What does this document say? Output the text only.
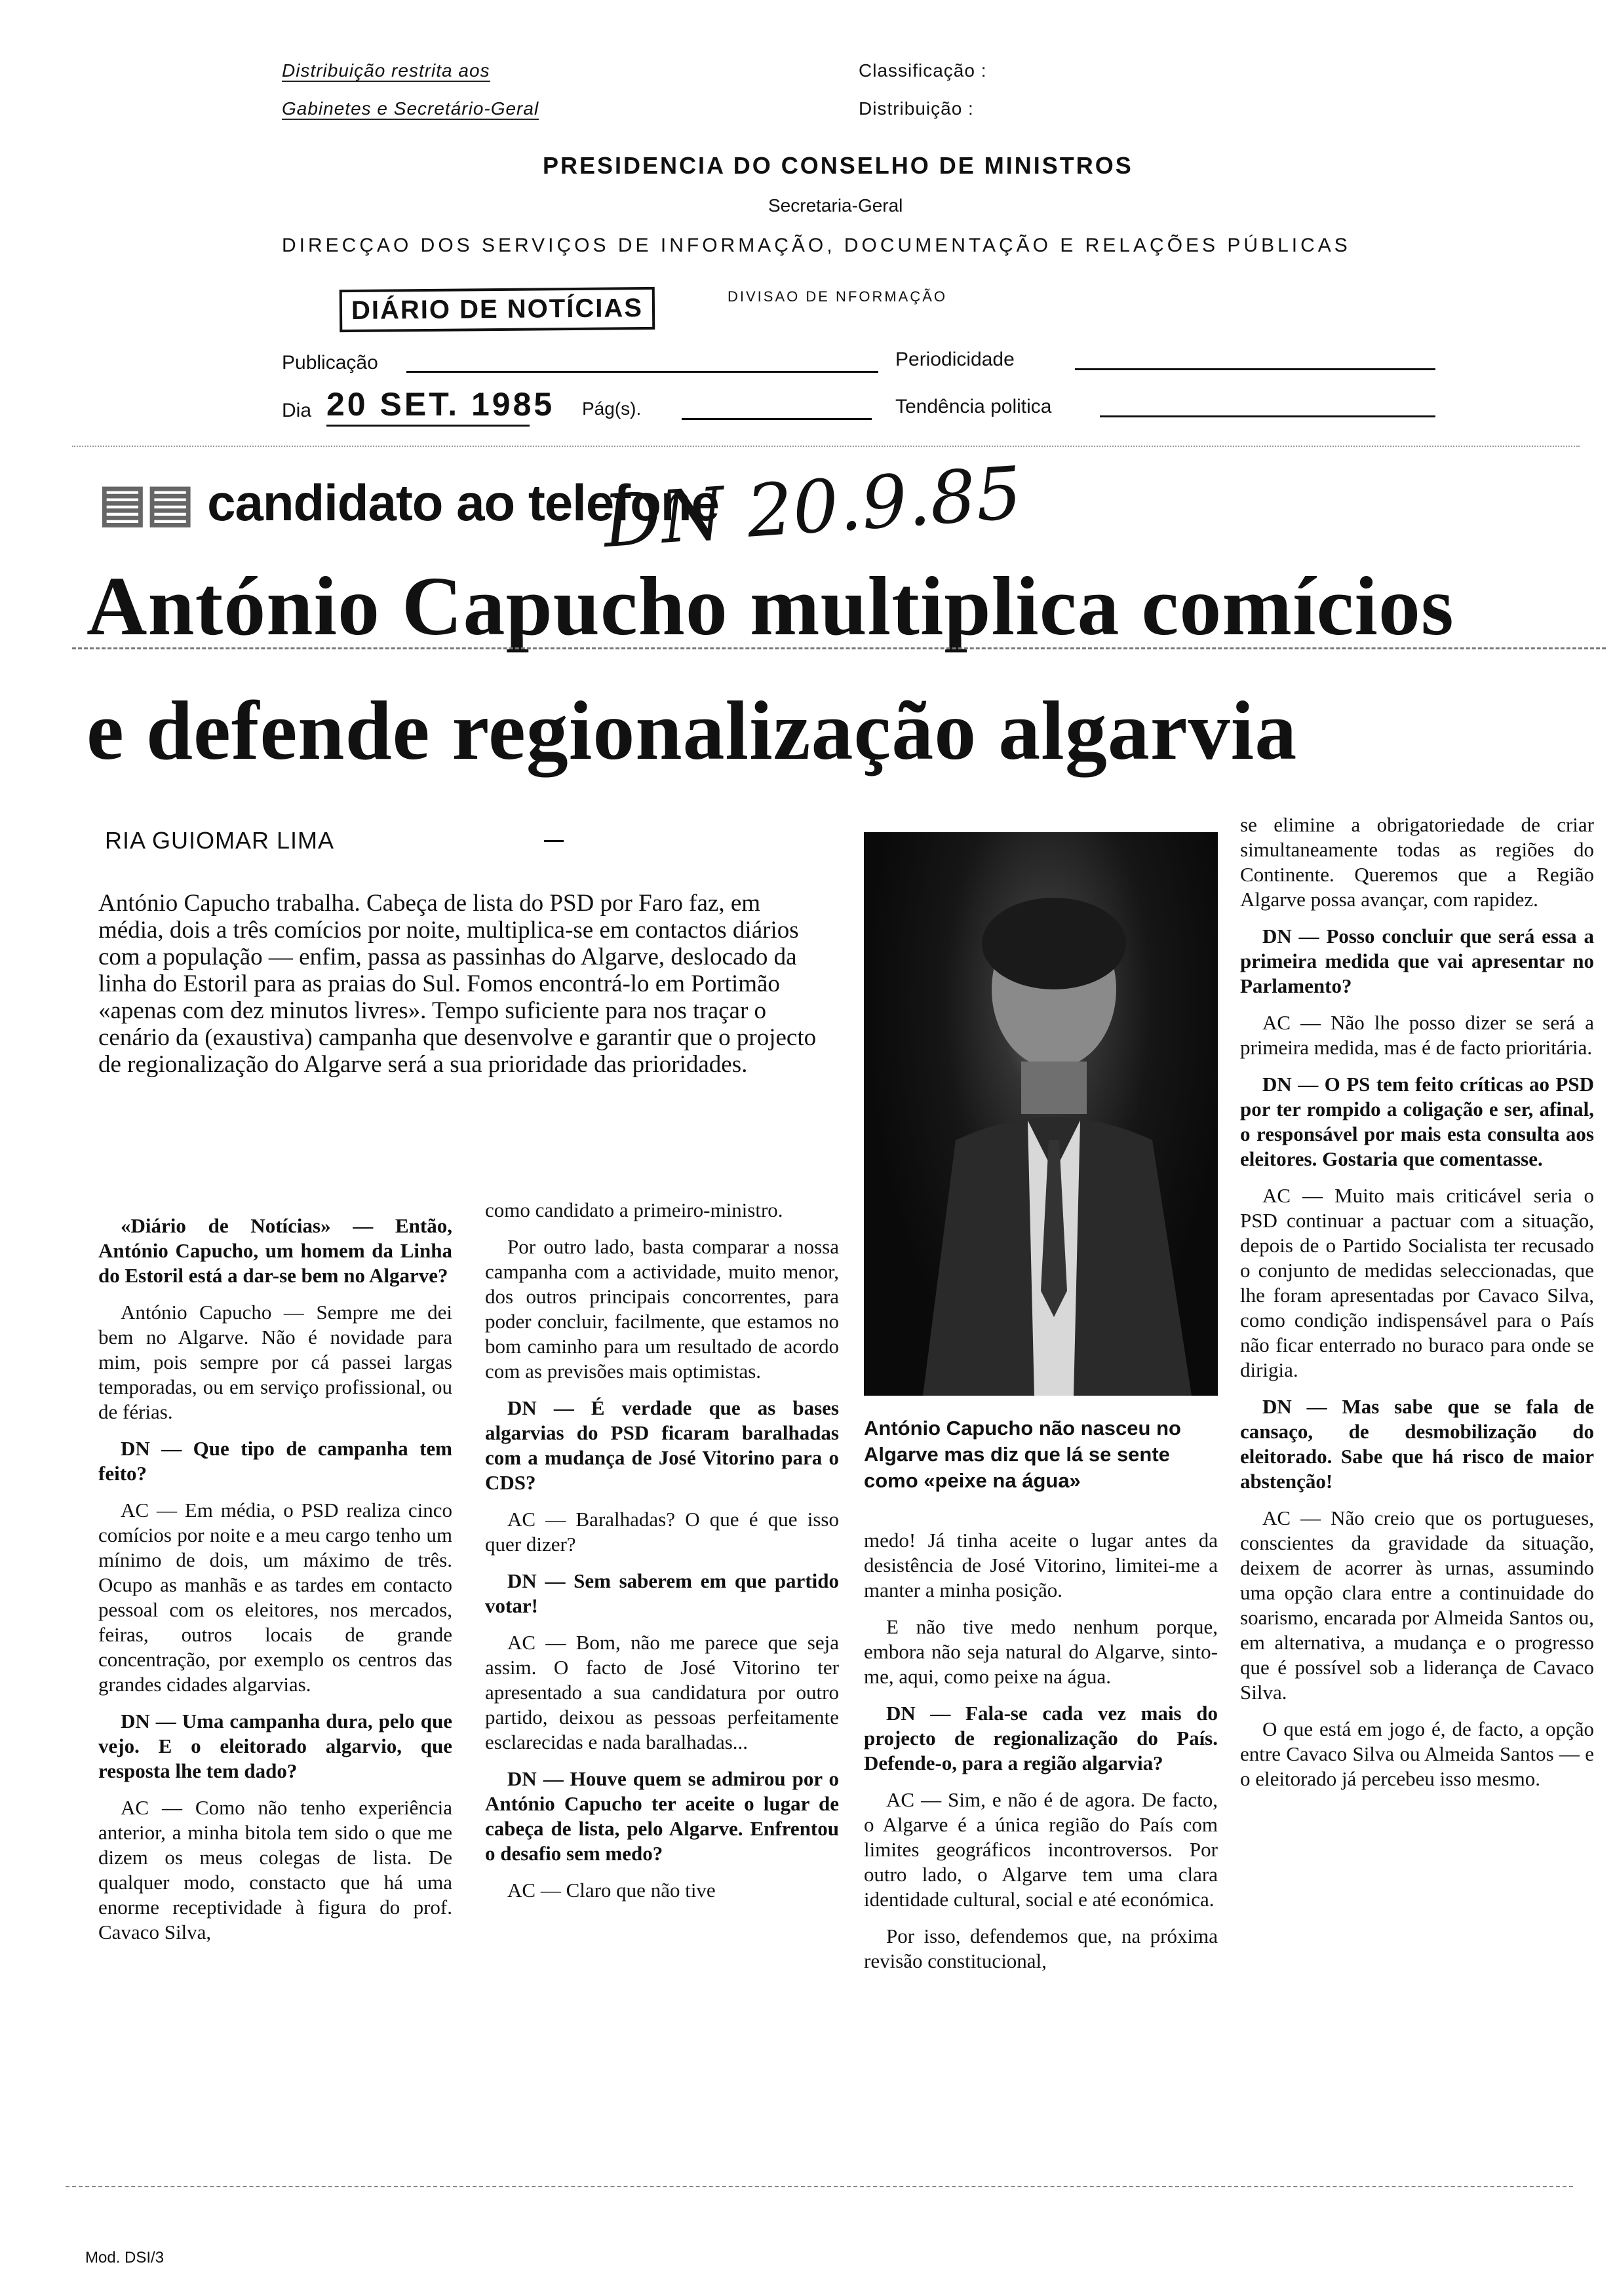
Distribuição restrita aos
Gabinetes e Secretário-Geral
Classificação :
Distribuição :
PRESIDENCIA DO CONSELHO DE MINISTROS
Secretaria-Geral
DIRECÇAO DOS SERVIÇOS DE INFORMAÇÃO, DOCUMENTAÇÃO E RELAÇÕES PÚBLICAS
DIÁRIO DE NOTÍCIAS	DIVISAO DE NFORMAÇÃO
Publicação	Periodicidade
Dia 20 SET. 1985 Pág(s).	Tendência politica
▤▤ candidato ao telefone
DN 20.9.85
António Capucho multiplica comícios
e defende regionalização algarvia
RIA GUIOMAR LIMA
António Capucho trabalha. Cabeça de lista do PSD por Faro faz, em média, dois a três comícios por noite, multiplica-se em contactos diários com a população — enfim, passa as passinhas do Algarve, deslocado da linha do Estoril para as praias do Sul. Fomos encontrá-lo em Portimão «apenas com dez minutos livres». Tempo suficiente para nos traçar o cenário da (exaustiva) campanha que desenvolve e garantir que o projecto de regionalização do Algarve será a sua prioridade das prioridades.
António Capucho não nasceu no Algarve mas diz que lá se sente como «peixe na água»

«Diário de Notícias» — Então, António Capucho, um homem da Linha do Estoril está a dar-se bem no Algarve?

António Capucho — Sempre me dei bem no Algarve. Não é novidade para mim, pois sempre por cá passei largas temporadas, ou em serviço profissional, ou de férias.

DN — Que tipo de campanha tem feito?

AC — Em média, o PSD realiza cinco comícios por noite e a meu cargo tenho um mínimo de dois, um máximo de três. Ocupo as manhãs e as tardes em contacto pessoal com os eleitores, nos mercados, feiras, outros locais de grande concentração, por exemplo os centros das grandes cidades algarvias.

DN — Uma campanha dura, pelo que vejo. E o eleitorado algarvio, que resposta lhe tem dado?

AC — Como não tenho experiência anterior, a minha bitola tem sido o que me dizem os meus colegas de lista. De qualquer modo, constacto que há uma enorme receptividade à figura do prof. Cavaco Silva,

como candidato a primeiro-ministro.

Por outro lado, basta comparar a nossa campanha com a actividade, muito menor, dos outros principais concorrentes, para poder concluir, facilmente, que estamos no bom caminho para um resultado de acordo com as previsões mais optimistas.

DN — É verdade que as bases algarvias do PSD ficaram baralhadas com a mudança de José Vitorino para o CDS?

AC — Baralhadas? O que é que isso quer dizer?

DN — Sem saberem em que partido votar!

AC — Bom, não me parece que seja assim. O facto de José Vitorino ter apresentado a sua candidatura por outro partido, deixou as pessoas perfeitamente esclarecidas e nada baralhadas...

DN — Houve quem se admirou por o António Capucho ter aceite o lugar de cabeça de lista, pelo Algarve. Enfrentou o desafio sem medo?

AC — Claro que não tive

medo! Já tinha aceite o lugar antes da desistência de José Vitorino, limitei-me a manter a minha posição.

E não tive medo nenhum porque, embora não seja natural do Algarve, sinto-me, aqui, como peixe na água.

DN — Fala-se cada vez mais do projecto de regionalização do País. Defende-o, para a região algarvia?

AC — Sim, e não é de agora. De facto, o Algarve é a única região do País com limites geográficos incontroversos. Por outro lado, o Algarve tem uma clara identidade cultural, social e até económica.

Por isso, defendemos que, na próxima revisão constitucional,

se elimine a obrigatoriedade de criar simultaneamente todas as regiões do Continente. Queremos que a Região Algarve possa avançar, com rapidez.

DN — Posso concluir que será essa a primeira medida que vai apresentar no Parlamento?

AC — Não lhe posso dizer se será a primeira medida, mas é de facto prioritária.

DN — O PS tem feito críticas ao PSD por ter rompido a coligação e ser, afinal, o responsável por mais esta consulta aos eleitores. Gostaria que comentasse.

AC — Muito mais criticável seria o PSD continuar a pactuar com a situação, depois de o Partido Socialista ter recusado o conjunto de medidas seleccionadas, que lhe foram apresentadas por Cavaco Silva, como condição indispensável para o País não ficar enterrado no buraco para onde se dirigia.

DN — Mas sabe que se fala de cansaço, de desmobilização do eleitorado. Sabe que há risco de maior abstenção!

AC — Não creio que os portugueses, conscientes da gravidade da situação, deixem de acorrer às urnas, assumindo uma opção clara entre a continuidade do soarismo, encarada por Almeida Santos ou, em alternativa, a mudança e o progresso que é possível sob a liderança de Cavaco Silva.

O que está em jogo é, de facto, a opção entre Cavaco Silva ou Almeida Santos — e o eleitorado já percebeu isso mesmo.

Mod. DSI/3
